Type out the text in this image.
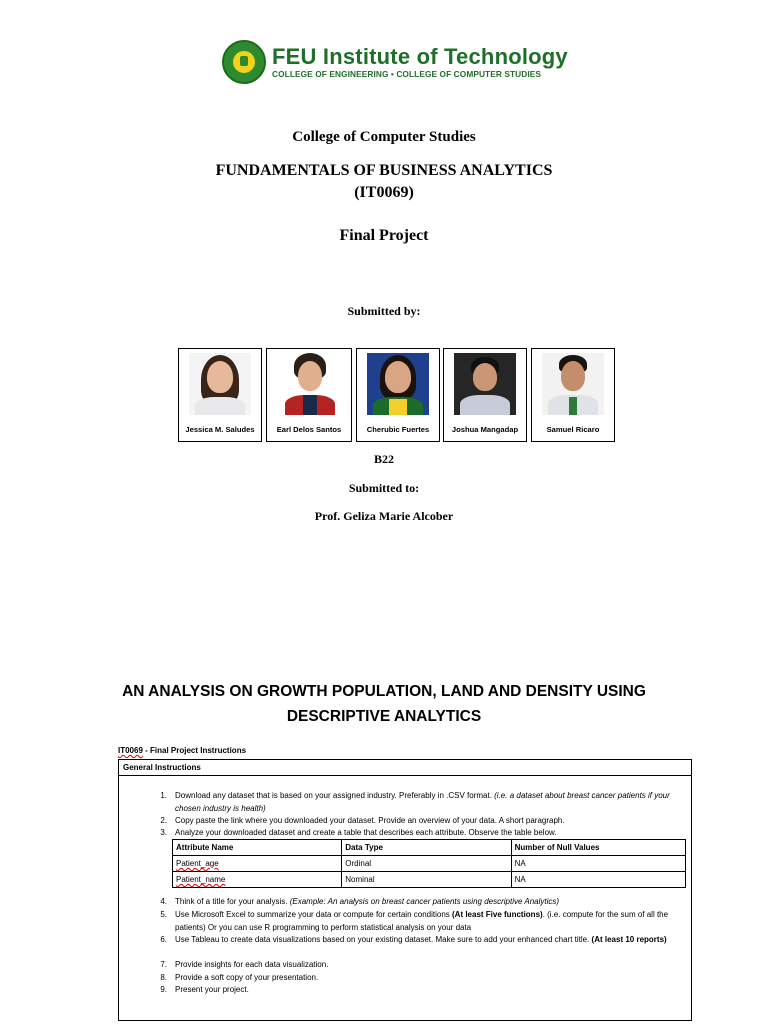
FEU Institute of Technology
COLLEGE OF ENGINEERING • COLLEGE OF COMPUTER STUDIES
College of Computer Studies
FUNDAMENTALS OF BUSINESS ANALYTICS
(IT0069)
Final Project
Submitted by:
Jessica M. Saludes	Earl Delos Santos	Cherubic Fuertes	Joshua Mangadap	Samuel Ricaro
B22
Submitted to:
Prof. Geliza Marie Alcober
AN ANALYSIS ON GROWTH POPULATION, LAND AND DENSITY USING
DESCRIPTIVE ANALYTICS
IT0069 - Final Project Instructions
General Instructions
1. Download any dataset that is based on your assigned industry. Preferably in .CSV format. (i.e. a dataset about breast cancer patients if your chosen industry is health)
2. Copy paste the link where you downloaded your dataset. Provide an overview of your data. A short paragraph.
3. Analyze your downloaded dataset and create a table that describes each attribute. Observe the table below.
Attribute Name	Data Type	Number of Null Values
Patient_age	Ordinal	NA
Patient_name	Nominal	NA
4. Think of a title for your analysis. (Example: An analysis on breast cancer patients using descriptive Analytics)
5. Use Microsoft Excel to summarize your data or compute for certain conditions (At least Five functions). (i.e. compute for the sum of all the patients) Or you can use R programming to perform statistical analysis on your data
6. Use Tableau to create data visualizations based on your existing dataset. Make sure to add your enhanced chart title. (At least 10 reports)
7. Provide insights for each data visualization.
8. Provide a soft copy of your presentation.
9. Present your project.
